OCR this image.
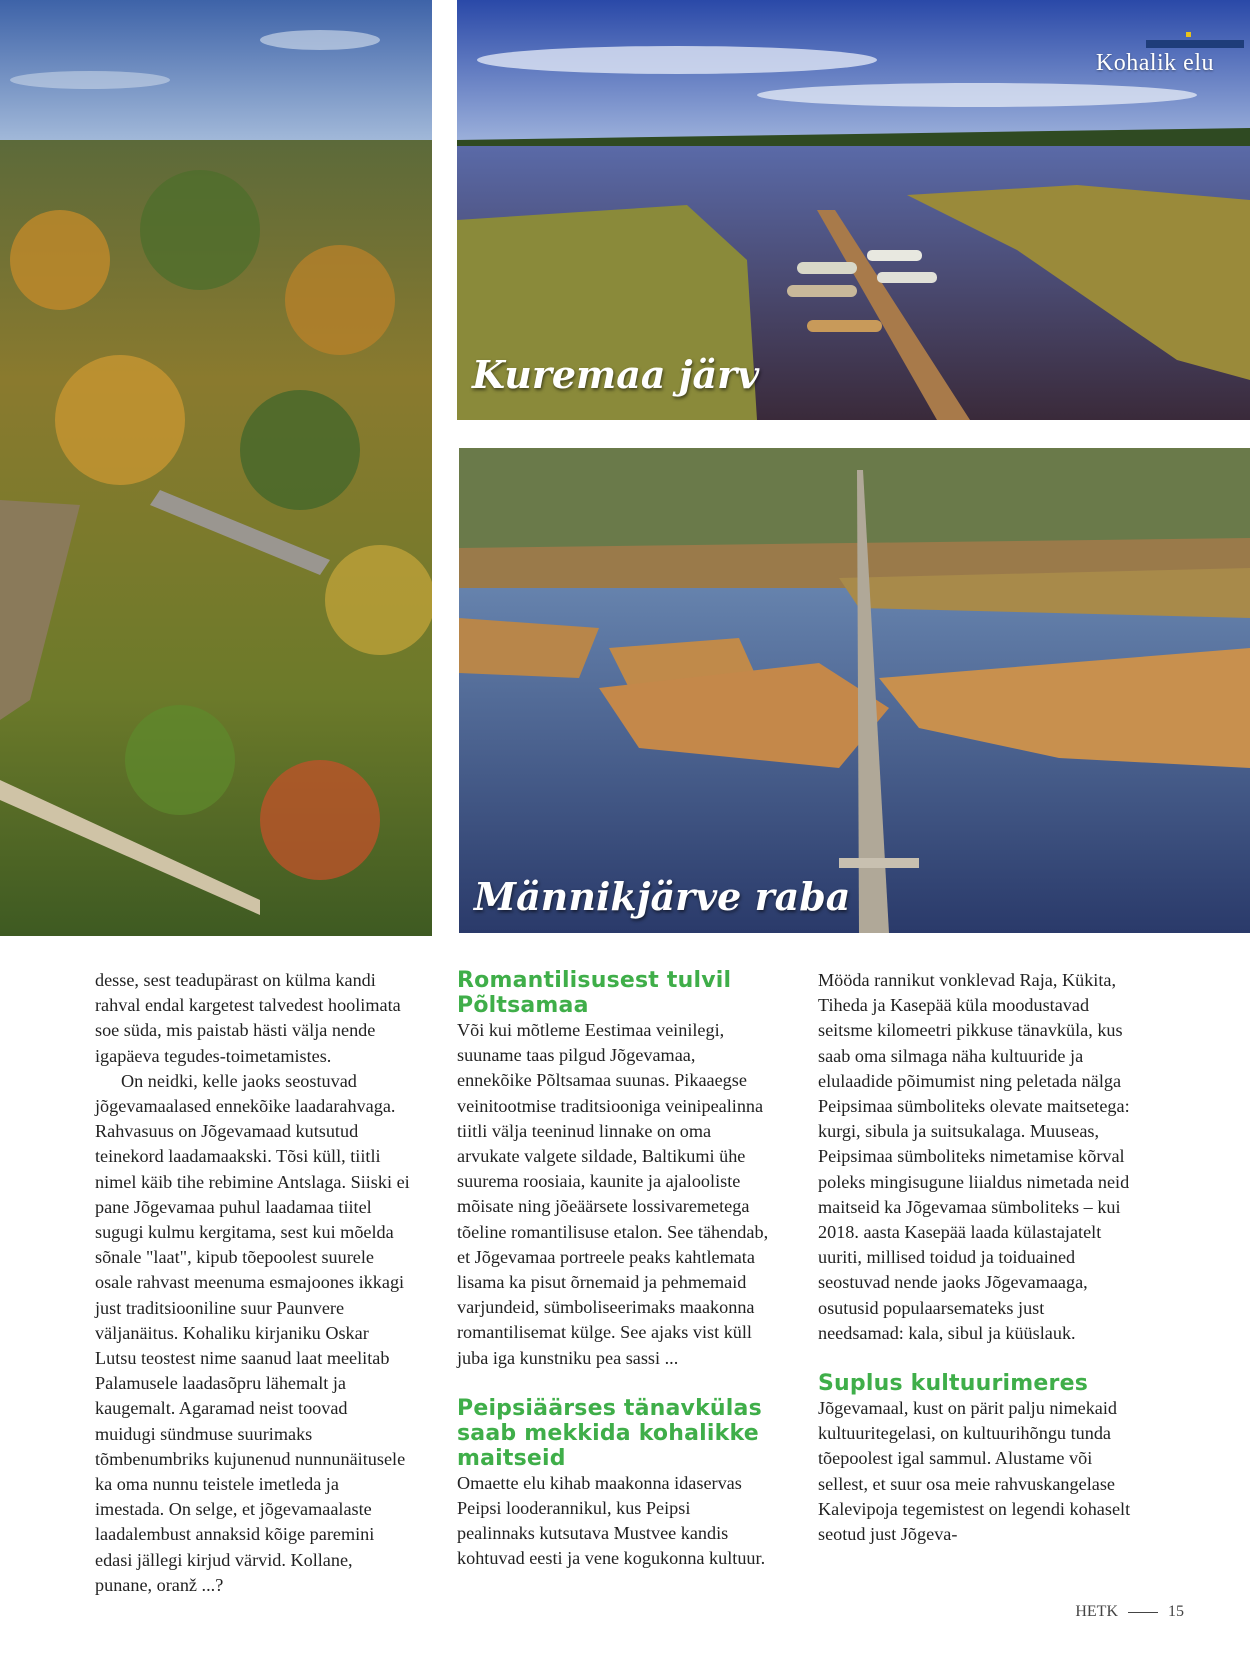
Kuremaa järv
Männikjärve raba
Kohalik elu

desse, sest teadupärast on külma kandi rahval endal kargetest talvedest hoolimata soe süda, mis paistab hästi välja nende igapäeva tegudes-toimetamistes.

On neidki, kelle jaoks seostuvad jõgevamaalased ennekõike laadarahvaga. Rahvasuus on Jõgevamaad kutsutud teinekord laadamaakski. Tõsi küll, tiitli nimel käib tihe rebimine Antslaga. Siiski ei pane Jõgevamaa puhul laadamaa tiitel sugugi kulmu kergitama, sest kui mõelda sõnale "laat", kipub tõepoolest suurele osale rahvast meenuma esmajoones ikkagi just traditsiooniline suur Paunvere väljanäitus. Kohaliku kirjaniku Oskar Lutsu teostest nime saanud laat meelitab Palamusele laadasõpru lähemalt ja kaugemalt. Agaramad neist toovad muidugi sündmuse suurimaks tõmbenumbriks kujunenud nunnunäitusele ka oma nunnu teistele imetleda ja imestada. On selge, et jõgevamaalaste laadalembust annaksid kõige paremini edasi jällegi kirjud värvid. Kollane, punane, oranž ...?

Romantilisusest tulvil Põltsamaa

Või kui mõtleme Eestimaa veinilegi, suuname taas pilgud Jõgevamaa, ennekõike Põltsamaa suunas. Pikaaegse veinitootmise traditsiooniga veinipealinna tiitli välja teeninud linnake on oma arvukate valgete sildade, Baltikumi ühe suurema roosiaia, kaunite ja ajalooliste mõisate ning jõeäärsete lossivaremetega tõeline romantilisuse etalon. See tähendab, et Jõgevamaa portreele peaks kahtlemata lisama ka pisut õrnemaid ja pehmemaid varjundeid, sümboliseerimaks maakonna romantilisemat külge. See ajaks vist küll juba iga kunstniku pea sassi ...

Peipsiäärses tänavkülas saab mekkida kohalikke maitseid

Omaette elu kihab maakonna idaservas Peipsi looderannikul, kus Peipsi pealinnaks kutsutava Mustvee kandis kohtuvad eesti ja vene kogukonna kultuur.

Mööda rannikut vonklevad Raja, Kükita, Tiheda ja Kasepää küla moodustavad seitsme kilomeetri pikkuse tänavküla, kus saab oma silmaga näha kultuuride ja elulaadide põimumist ning peletada nälga Peipsimaa sümboliteks olevate maitsetega: kurgi, sibula ja suitsukalaga. Muuseas, Peipsimaa sümboliteks nimetamise kõrval poleks mingisugune liialdus nimetada neid maitseid ka Jõgevamaa sümboliteks – kui 2018. aasta Kasepää laada külastajatelt uuriti, millised toidud ja toiduained seostuvad nende jaoks Jõgevamaaga, osutusid populaarsemateks just needsamad: kala, sibul ja küüslauk.

Suplus kultuurimeres

Jõgevamaal, kust on pärit palju nimekaid kultuuritegelasi, on kultuurihõngu tunda tõepoolest igal sammul. Alustame või sellest, et suur osa meie rahvuskangelase Kalevipoja tegemistest on legendi kohaselt seotud just Jõgeva-

HETK	15
